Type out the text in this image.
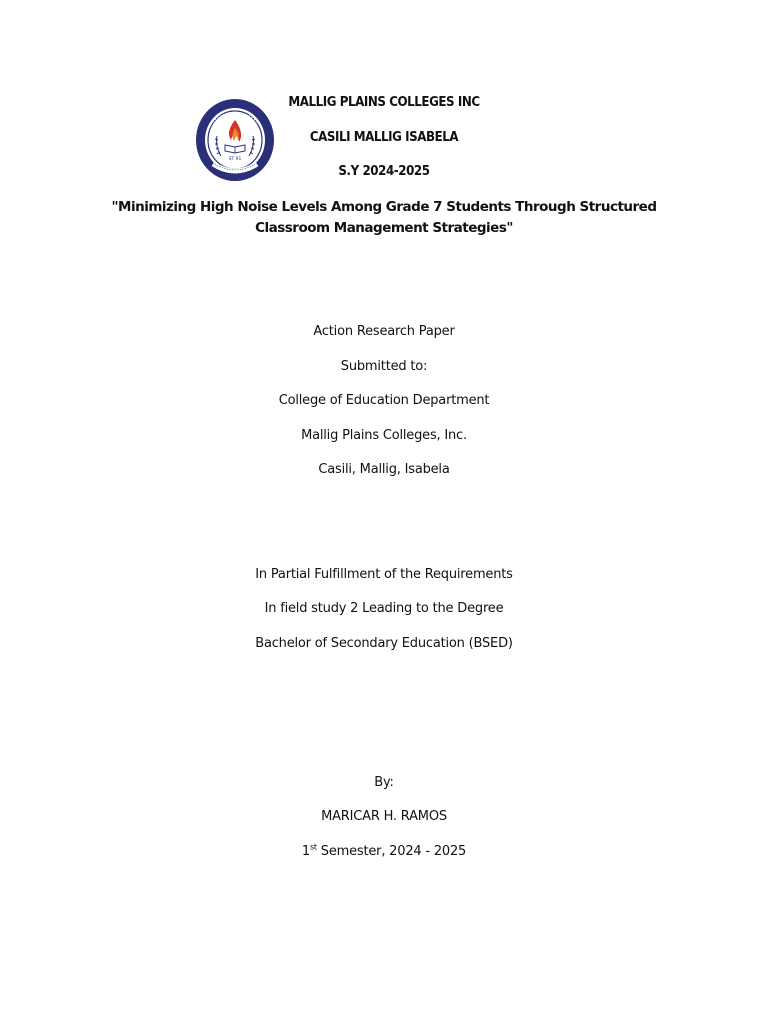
ST 91
MALLIG PLAINS COLLEGES INC
CASILI MALLIG ISABELA
S.Y 2024-2025
"Minimizing High Noise Levels Among Grade 7 Students Through Structured Classroom Management Strategies"
Action Research Paper
Submitted to:
College of Education Department
Mallig Plains Colleges, Inc.
Casili, Mallig, Isabela
In Partial Fulfillment of the Requirements
In field study 2 Leading to the Degree
Bachelor of Secondary Education (BSED)
By:
MARICAR H. RAMOS
1st Semester, 2024 - 2025
